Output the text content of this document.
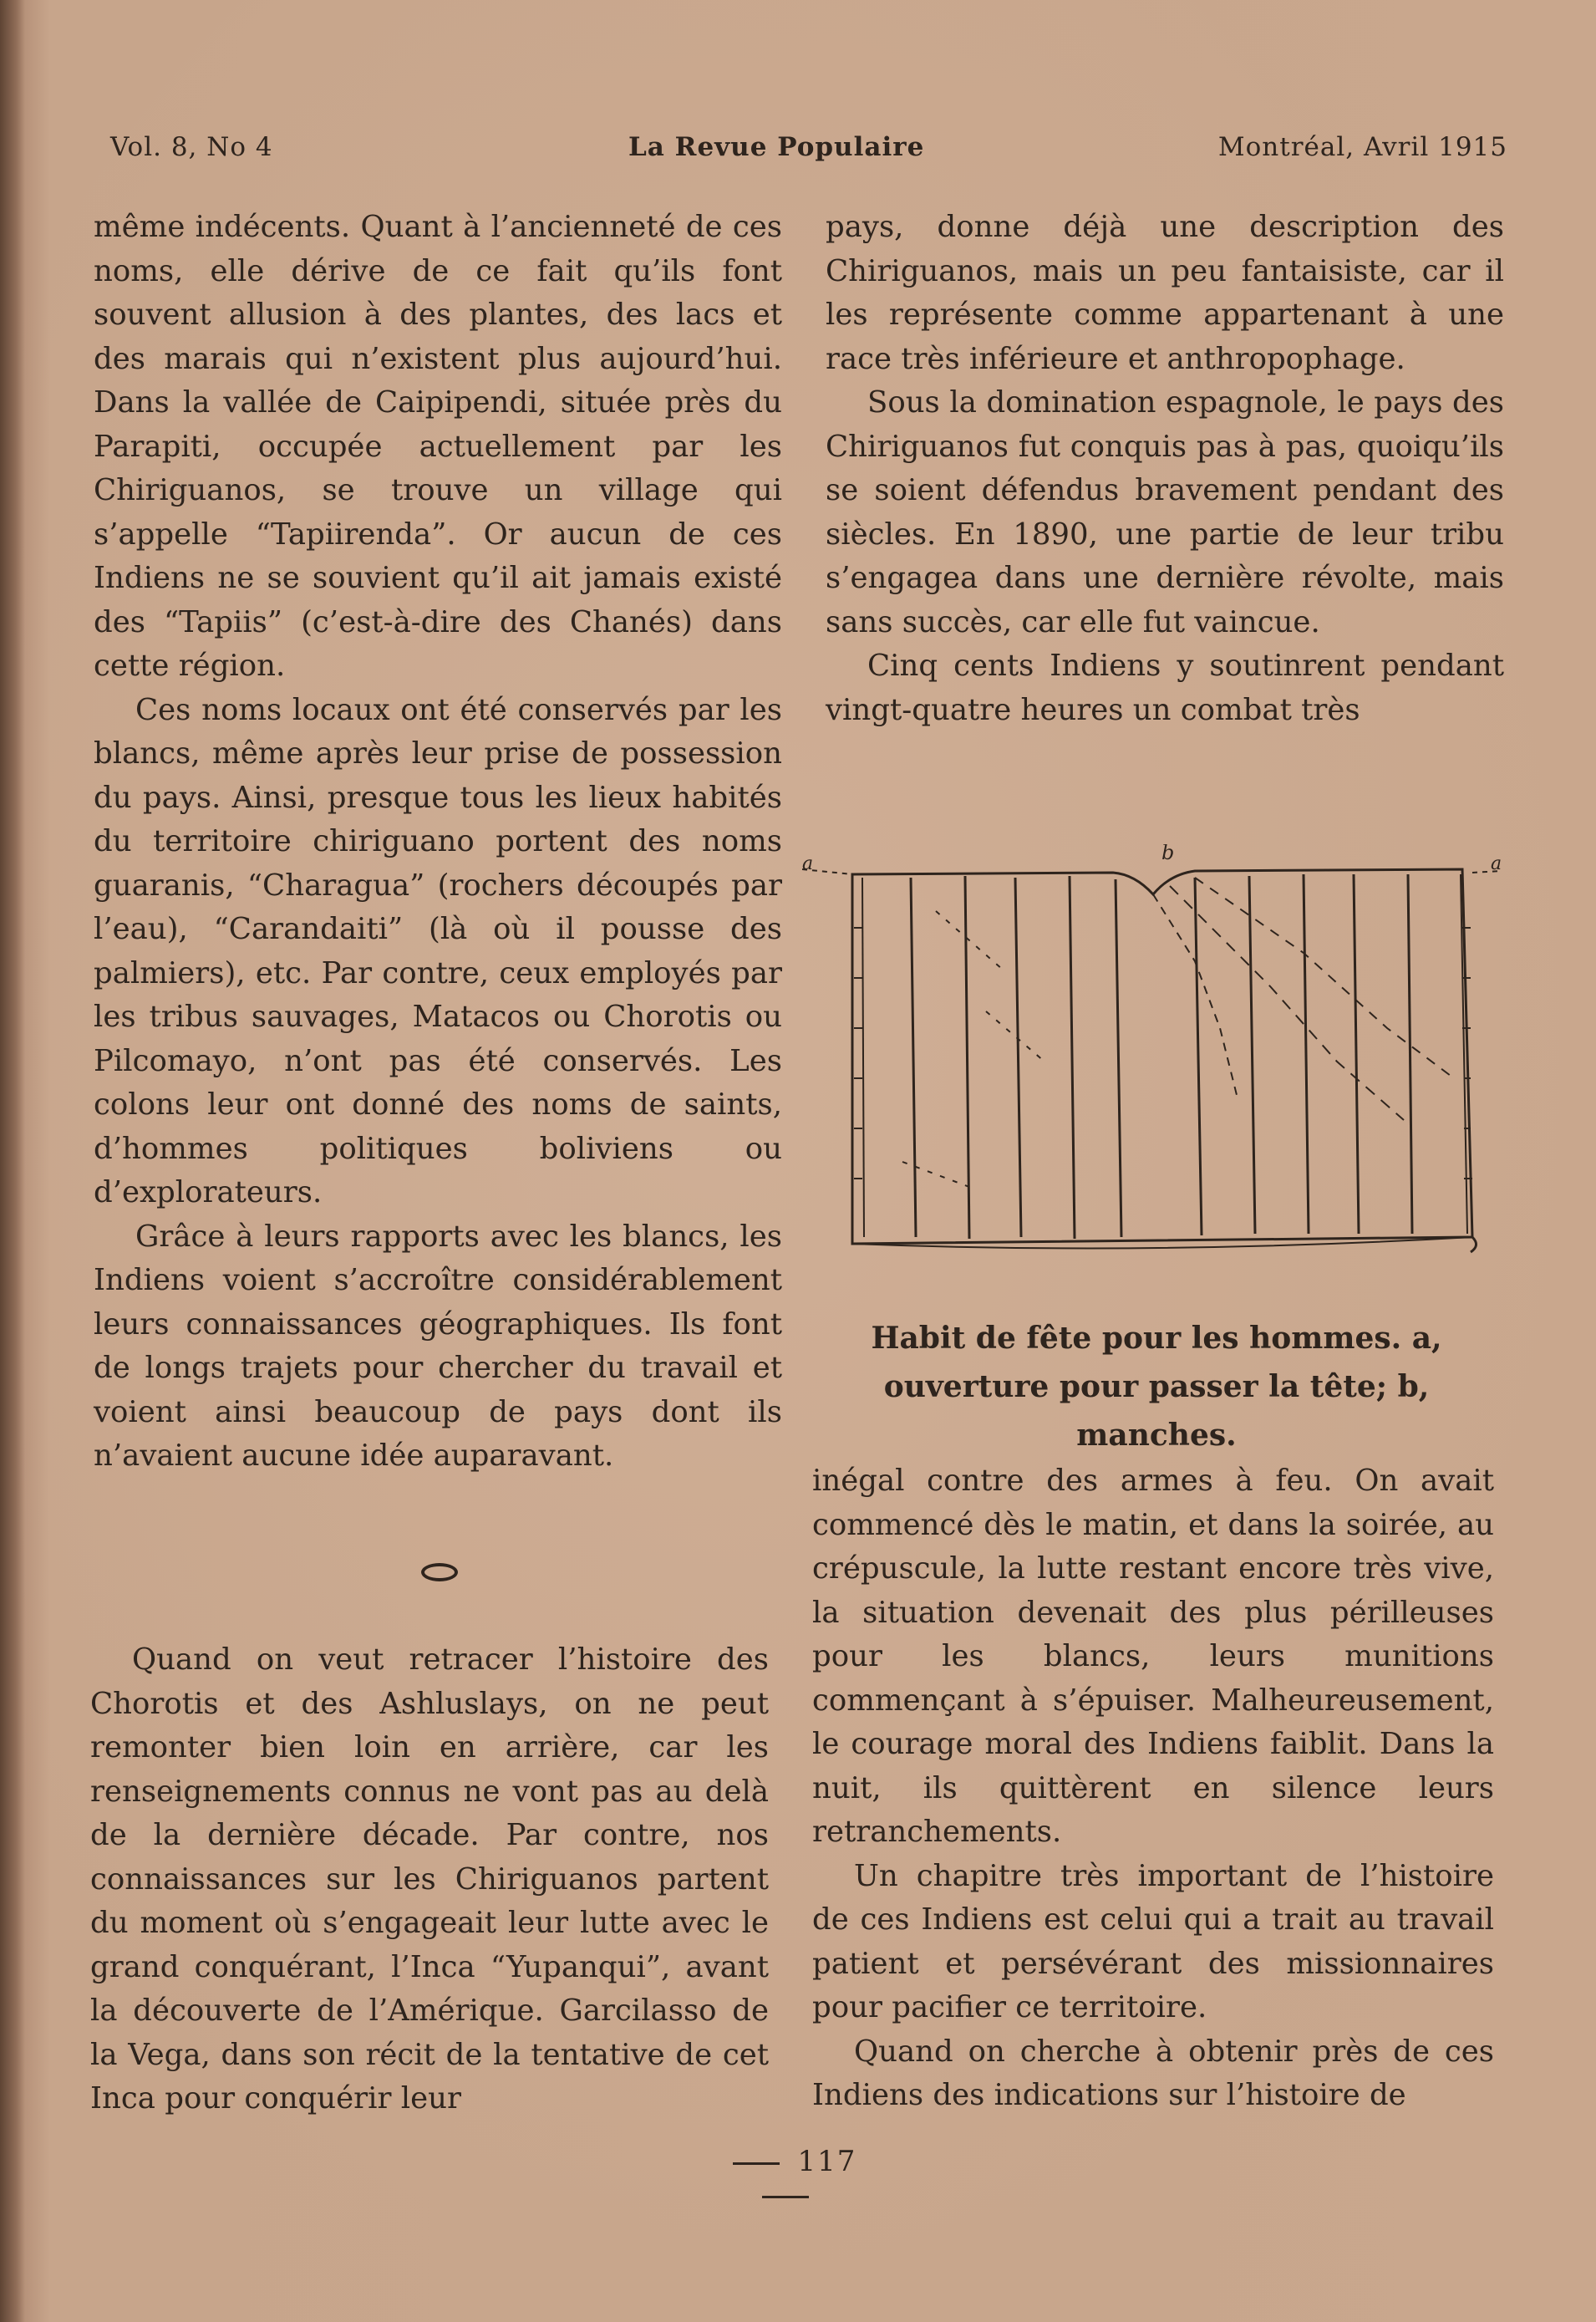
Vol. 8, No 4	La Revue Populaire	Montréal, Avril 1915

même indécents. Quant à l’ancienneté de ces noms, elle dérive de ce fait qu’ils font souvent allusion à des plantes, des lacs et des marais qui n’existent plus aujourd’hui. Dans la vallée de Caipipendi, située près du Parapiti, occupée actuellement par les Chiriguanos, se trouve un village qui s’appelle “Tapiirenda”. Or aucun de ces Indiens ne se souvient qu’il ait jamais existé des “Tapiis” (c’est-à-dire des Chanés) dans cette région.

Ces noms locaux ont été conservés par les blancs, même après leur prise de possession du pays. Ainsi, presque tous les lieux habités du territoire chiriguano portent des noms guaranis, “Charagua” (rochers découpés par l’eau), “Carandaiti” (là où il pousse des palmiers), etc. Par contre, ceux employés par les tribus sauvages, Matacos ou Chorotis ou Pilcomayo, n’ont pas été conservés. Les colons leur ont donné des noms de saints, d’hommes politiques boliviens ou d’explorateurs.

Grâce à leurs rapports avec les blancs, les Indiens voient s’accroître considérablement leurs connaissances géographiques. Ils font de longs trajets pour chercher du travail et voient ainsi beaucoup de pays dont ils n’avaient aucune idée auparavant.

Quand on veut retracer l’histoire des Chorotis et des Ashluslays, on ne peut remonter bien loin en arrière, car les renseignements connus ne vont pas au delà de la dernière décade. Par contre, nos connaissances sur les Chiriguanos partent du moment où s’engageait leur lutte avec le grand conquérant, l’Inca “Yupanqui”, avant la découverte de l’Amérique. Garcilasso de la Vega, dans son récit de la tentative de cet Inca pour conquérir leur

pays, donne déjà une description des Chiriguanos, mais un peu fantaisiste, car il les représente comme appartenant à une race très inférieure et anthropophage.

Sous la domination espagnole, le pays des Chiriguanos fut conquis pas à pas, quoiqu’ils se soient défendus bravement pendant des siècles. En 1890, une partie de leur tribu s’engagea dans une dernière révolte, mais sans succès, car elle fut vaincue.

Cinq cents Indiens y soutinrent pendant vingt-quatre heures un combat très

a	a
b
Habit de fête pour les hommes. a, ouverture pour passer la tête; b, manches.

inégal contre des armes à feu. On avait commencé dès le matin, et dans la soirée, au crépuscule, la lutte restant encore très vive, la situation devenait des plus périlleuses pour les blancs, leurs munitions commençant à s’épuiser. Malheureusement, le courage moral des Indiens faiblit. Dans la nuit, ils quittèrent en silence leurs retranchements.

Un chapitre très important de l’histoire de ces Indiens est celui qui a trait au travail patient et persévérant des missionnaires pour pacifier ce territoire.

Quand on cherche à obtenir près de ces Indiens des indications sur l’histoire de

117
